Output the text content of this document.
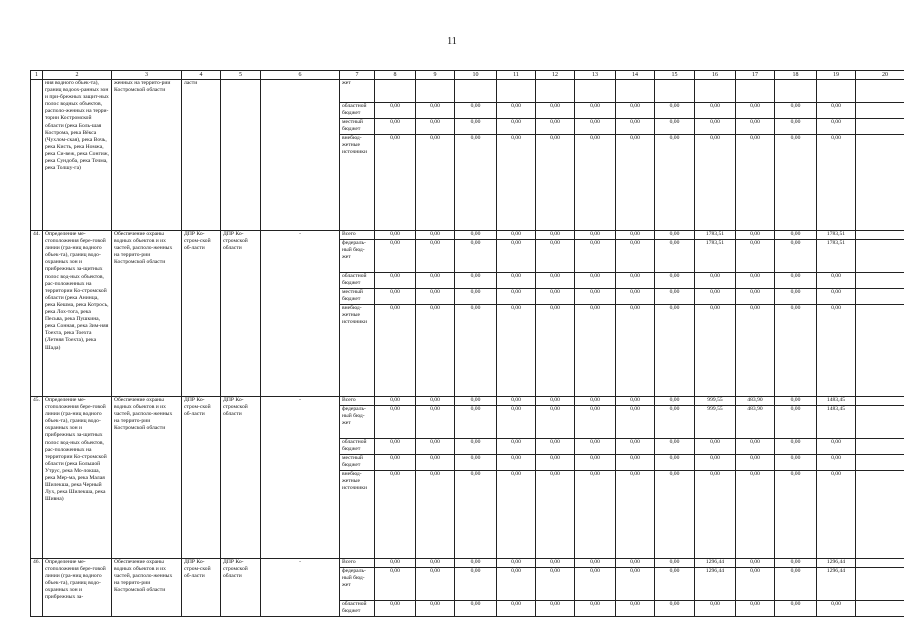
11
1	2	3	4	5	6	7	8	9	10	11	12	13	14	15	16	17	18	19	20
	ния водного объек-та), границ водоох-ранных зон и при-брежных защит-ных полос водных объектов, располо-женных на терри-тории Костромской области (река Боль-шая Кострома, река Вёкса (Чухлом-ская), река Вочь, река Кисть, река Номжа, река Си-веж, река Сонгиж, река Сундоба, река Точма, река Толшу-га)	женных на террито-рии Костромской области	ласти			жет													
						областной бюджет	0,00	0,00	0,00	0,00	0,00	0,00	0,00	0,00	0,00	0,00	0,00	0,00	
						местный бюджет	0,00	0,00	0,00	0,00	0,00	0,00	0,00	0,00	0,00	0,00	0,00	0,00	
						внебюд-жетные источники	0,00	0,00	0,00	0,00	0,00	0,00	0,00	0,00	0,00	0,00	0,00	0,00	
44.	Определение ме-стоположения бере-говой линии (гра-ниц водного объек-та), границ водо-охранных зон и прибрежных за-щитных полос вод-ных объектов, рас-положенных на территории Ко-стромской области (река Анинца, река Кешма, река Котрось, река Лох-тога, река Песьва, река Пушкина, река Сонная, река Зим-няя Тоехта, река Тоехта (Летняя Тоехта), река Шада)	Обеспечение охраны водных объектов и их частей, располо-женных на террито-рии Костромской области	ДПР Ко-стром-ской об-ласти	ДПР Ко-стромской области	-	Всего	0,00	0,00	0,00	0,00	0,00	0,00	0,00	0,00	1783,51	0,00	0,00	1783,51	
						федераль-ный бюд-жет	0,00	0,00	0,00	0,00	0,00	0,00	0,00	0,00	1783,51	0,00	0,00	1783,51	
						областной бюджет	0,00	0,00	0,00	0,00	0,00	0,00	0,00	0,00	0,00	0,00	0,00	0,00	
						местный бюджет	0,00	0,00	0,00	0,00	0,00	0,00	0,00	0,00	0,00	0,00	0,00	0,00	
						внебюд-жетные источники	0,00	0,00	0,00	0,00	0,00	0,00	0,00	0,00	0,00	0,00	0,00	0,00	
45.	Определение ме-стоположения бере-говой линии (гра-ниц водного объек-та), границ водо-охранных зон и прибрежных за-щитных полос вод-ных объектов, рас-положенных на территории Ко-стромской области (река Большой Утрус, река Мо-локша, река Мер-ма, река Малая Шилекша, река Черный Лух, река Шилекша, река Шивна)	Обеспечение охраны водных объектов и их частей, располо-женных на террито-рии Костромской области	ДПР Ко-стром-ской об-ласти	ДПР Ко-стромской области	-	Всего	0,00	0,00	0,00	0,00	0,00	0,00	0,00	0,00	999,55	483,90	0,00	1483,45	
						федераль-ный бюд-жет	0,00	0,00	0,00	0,00	0,00	0,00	0,00	0,00	999,55	483,90	0,00	1483,45	
						областной бюджет	0,00	0,00	0,00	0,00	0,00	0,00	0,00	0,00	0,00	0,00	0,00	0,00	
						местный бюджет	0,00	0,00	0,00	0,00	0,00	0,00	0,00	0,00	0,00	0,00	0,00	0,00	
						внебюд-жетные источники	0,00	0,00	0,00	0,00	0,00	0,00	0,00	0,00	0,00	0,00	0,00	0,00	
46.	Определение ме-стоположения бере-говой линии (гра-ниц водного объек-та), границ водо-охранных зон и прибрежных за-	Обеспечение охраны водных объектов и их частей, располо-женных на террито-рии Костромской области	ДПР Ко-стром-ской об-ласти	ДПР Ко-стромской области	-	Всего	0,00	0,00	0,00	0,00	0,00	0,00	0,00	0,00	1296,44	0,00	0,00	1296,44	
						федераль-ный бюд-жет	0,00	0,00	0,00	0,00	0,00	0,00	0,00	0,00	1296,44	0,00	0,00	1296,44	
						областной бюджет	0,00	0,00	0,00	0,00	0,00	0,00	0,00	0,00	0,00	0,00	0,00	0,00	
